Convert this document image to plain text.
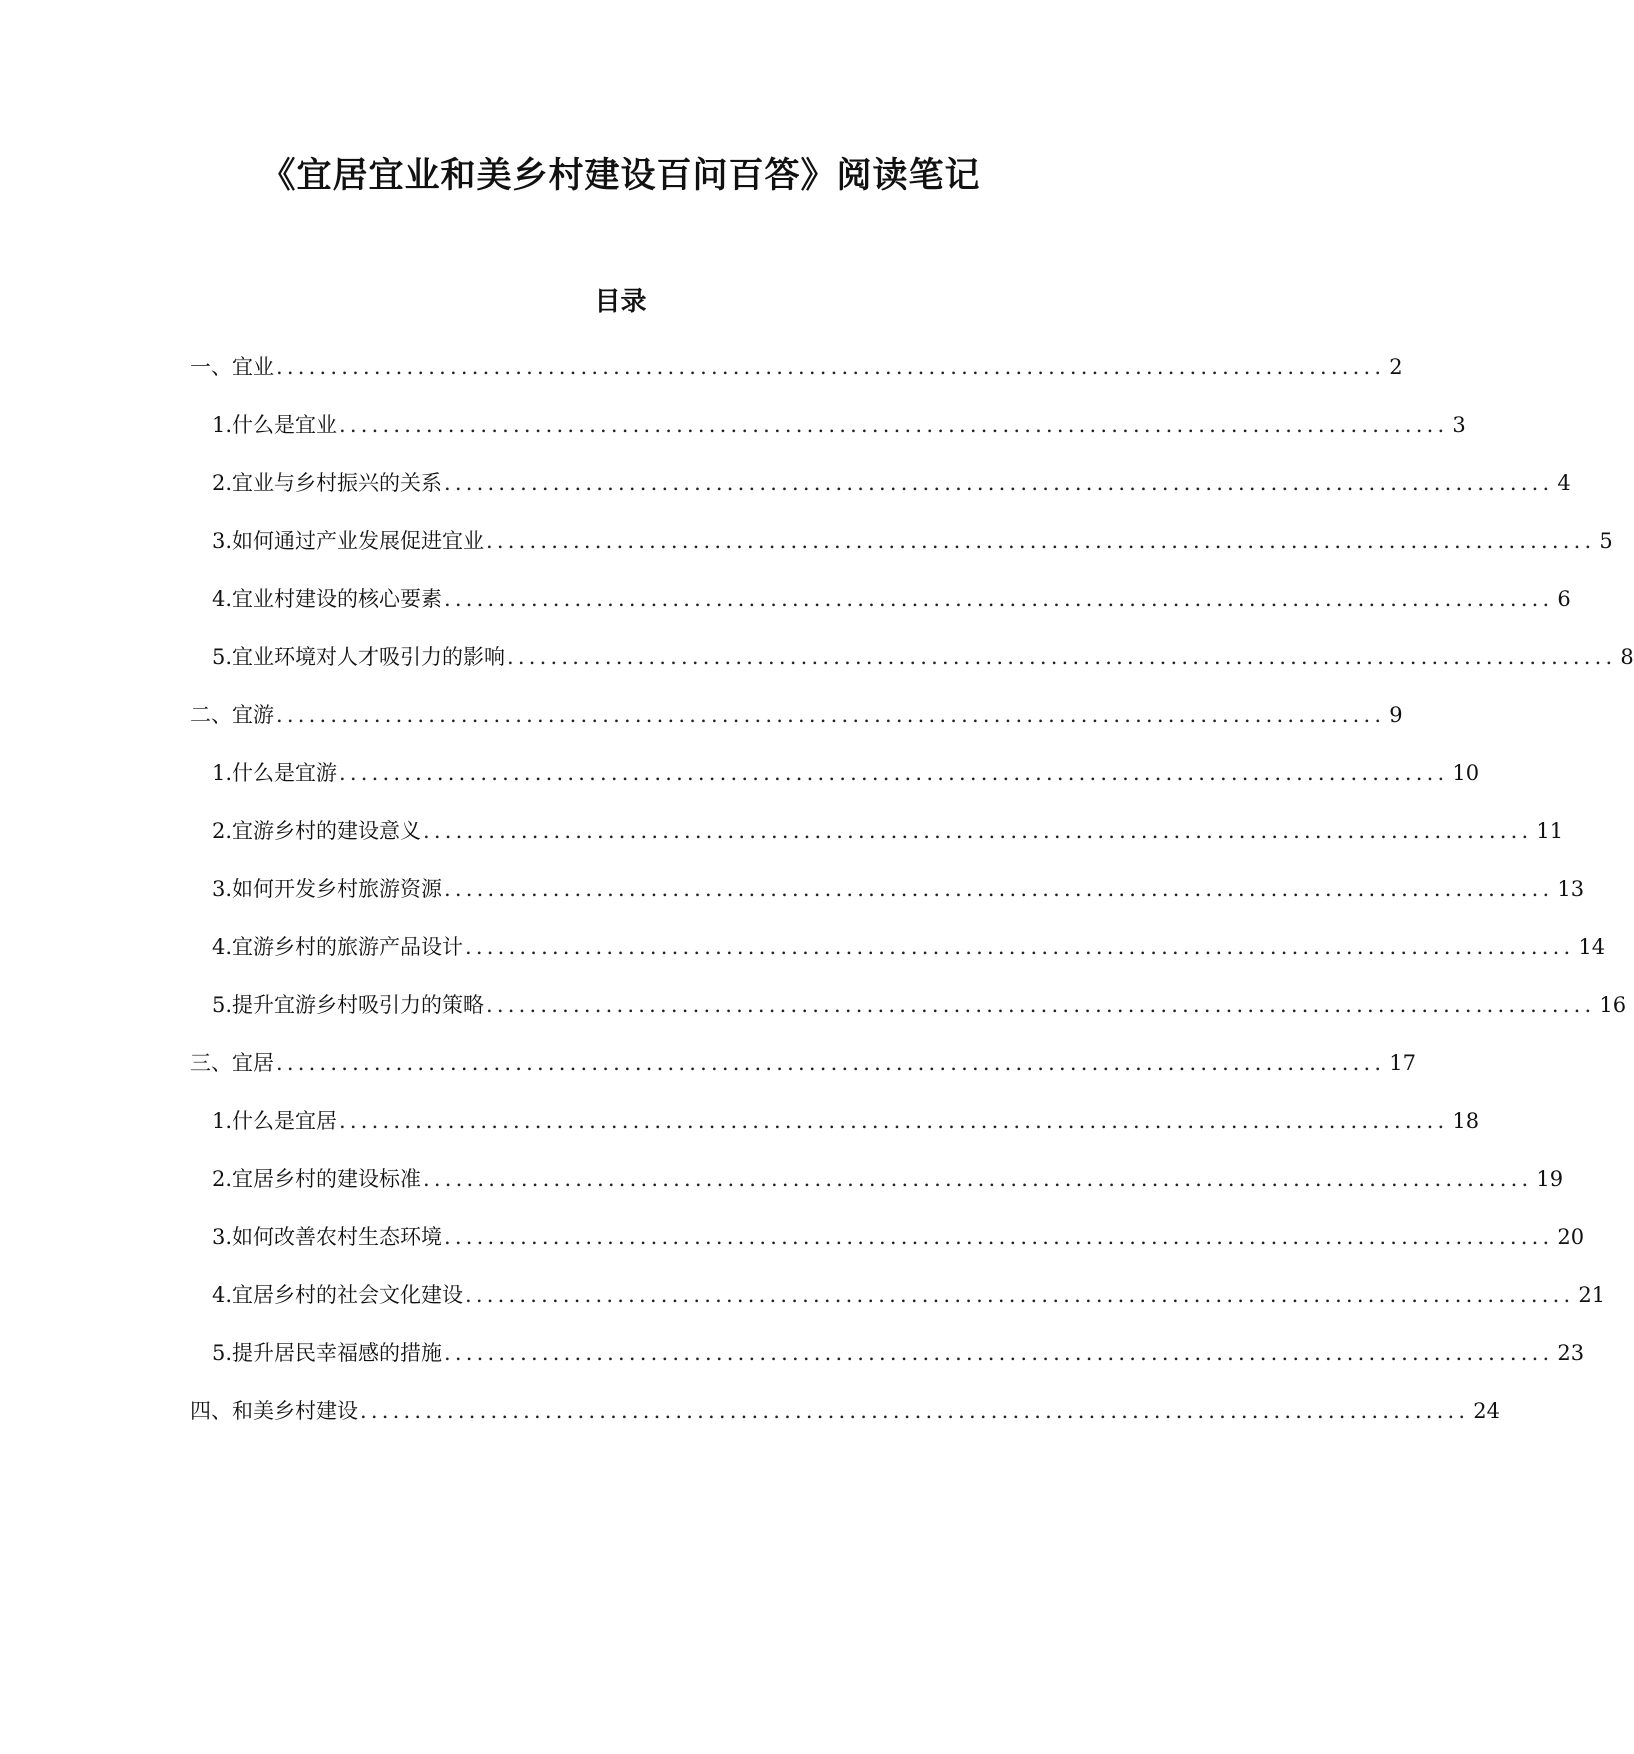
《宜居宜业和美乡村建设百问百答》阅读笔记
目录
一、宜业 ...................................................................................................... 2
1. 什么是宜业 ...................................................................................................... 3
2. 宜业与乡村振兴的关系 ...................................................................................................... 4
3. 如何通过产业发展促进宜业 ...................................................................................................... 5
4. 宜业村建设的核心要素 ...................................................................................................... 6
5. 宜业环境对人才吸引力的影响 ...................................................................................................... 8
二、宜游 ...................................................................................................... 9
1. 什么是宜游 ...................................................................................................... 10
2. 宜游乡村的建设意义 ...................................................................................................... 11
3. 如何开发乡村旅游资源 ...................................................................................................... 13
4. 宜游乡村的旅游产品设计 ...................................................................................................... 14
5. 提升宜游乡村吸引力的策略 ...................................................................................................... 16
三、宜居 ...................................................................................................... 17
1. 什么是宜居 ...................................................................................................... 18
2. 宜居乡村的建设标准 ...................................................................................................... 19
3. 如何改善农村生态环境 ...................................................................................................... 20
4. 宜居乡村的社会文化建设 ...................................................................................................... 21
5. 提升居民幸福感的措施 ...................................................................................................... 23
四、和美乡村建设 ...................................................................................................... 24
